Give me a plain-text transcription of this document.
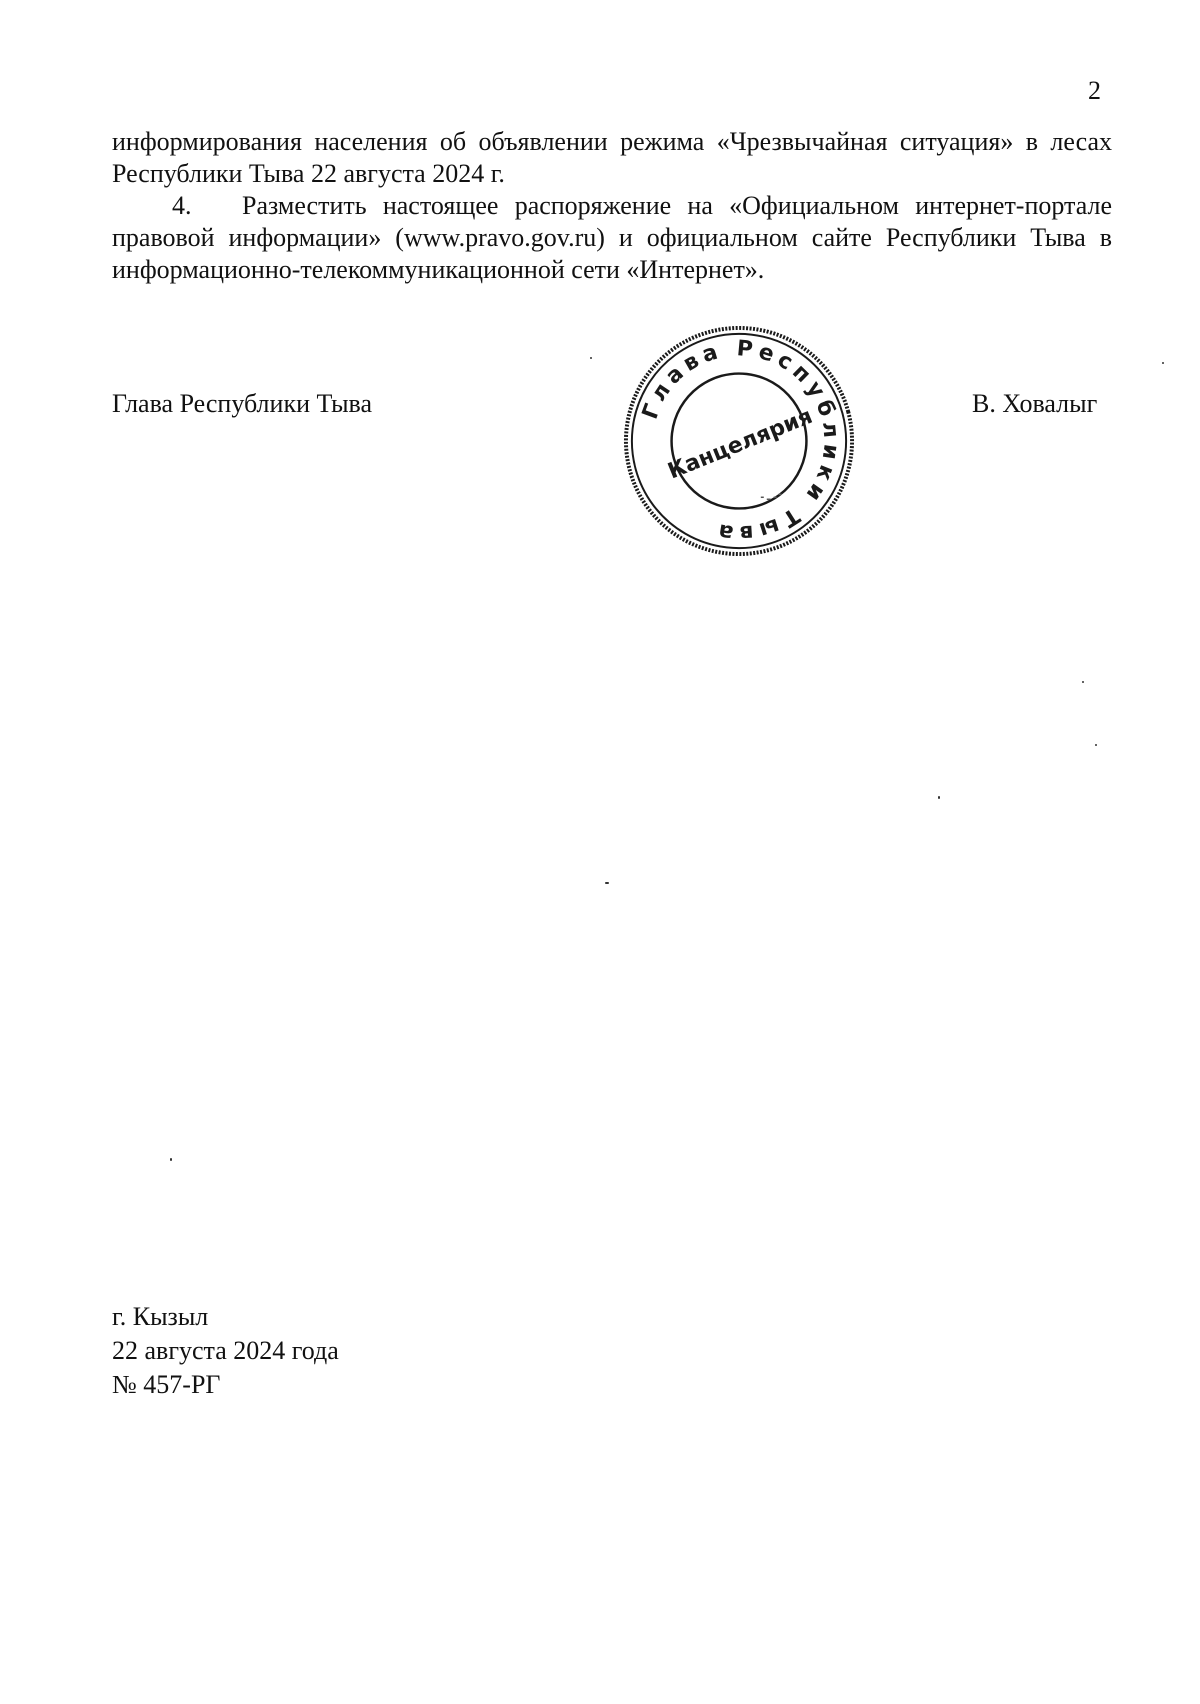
2

информирования населения об объявлении режима «Чрезвычайная ситуация» в лесах Республики Тыва 22 августа 2024 г.

4. Разместить настоящее распоряжение на «Официальном интернет-портале правовой информации» (www.pravo.gov.ru) и официальном сайте Республики Тыва в информационно-телекоммуникационной сети «Интернет».

Глава Республики Тыва	В. Ховалыг
Глава Республики Тыва
Канцелярия
г. Кызыл
22 августа 2024 года
№ 457-РГ
